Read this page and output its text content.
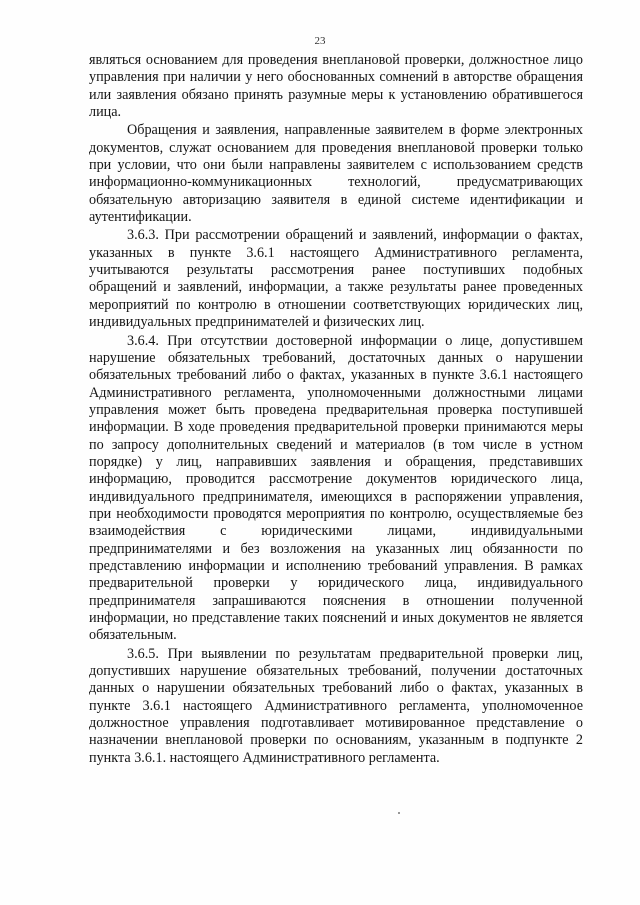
23

являться основанием для проведения внеплановой проверки, должностное лицо управления при наличии у него обоснованных сомнений в авторстве обращения или заявления обязано принять разумные меры к установлению обратившегося лица.

Обращения и заявления, направленные заявителем в форме электронных документов, служат основанием для проведения внеплановой проверки только при условии, что они были направлены заявителем с использованием средств информационно-коммуникационных технологий, предусматривающих обязательную авторизацию заявителя в единой системе идентификации и аутентификации.

3.6.3. При рассмотрении обращений и заявлений, информации о фактах, указанных в пункте 3.6.1 настоящего Административного регламента, учитываются результаты рассмотрения ранее поступивших подобных обращений и заявлений, информации, а также результаты ранее проведенных мероприятий по контролю в отношении соответствующих юридических лиц, индивидуальных предпринимателей и физических лиц.

3.6.4. При отсутствии достоверной информации о лице, допустившем нарушение обязательных требований, достаточных данных о нарушении обязательных требований либо о фактах, указанных в пункте 3.6.1 настоящего Административного регламента, уполномоченными должностными лицами управления может быть проведена предварительная проверка поступившей информации. В ходе проведения предварительной проверки принимаются меры по запросу дополнительных сведений и материалов (в том числе в устном порядке) у лиц, направивших заявления и обращения, представивших информацию, проводится рассмотрение документов юридического лица, индивидуального предпринимателя, имеющихся в распоряжении управления, при необходимости проводятся мероприятия по контролю, осуществляемые без взаимодействия с юридическими лицами, индивидуальными предпринимателями и без возложения на указанных лиц обязанности по представлению информации и исполнению требований управления. В рамках предварительной проверки у юридического лица, индивидуального предпринимателя запрашиваются пояснения в отношении полученной информации, но представление таких пояснений и иных документов не является обязательным.

3.6.5. При выявлении по результатам предварительной проверки лиц, допустивших нарушение обязательных требований, получении достаточных данных о нарушении обязательных требований либо о фактах, указанных в пункте 3.6.1 настоящего Административного регламента, уполномоченное должностное управления подготавливает мотивированное представление о назначении внеплановой проверки по основаниям, указанным в подпункте 2 пункта 3.6.1. настоящего Административного регламента.
